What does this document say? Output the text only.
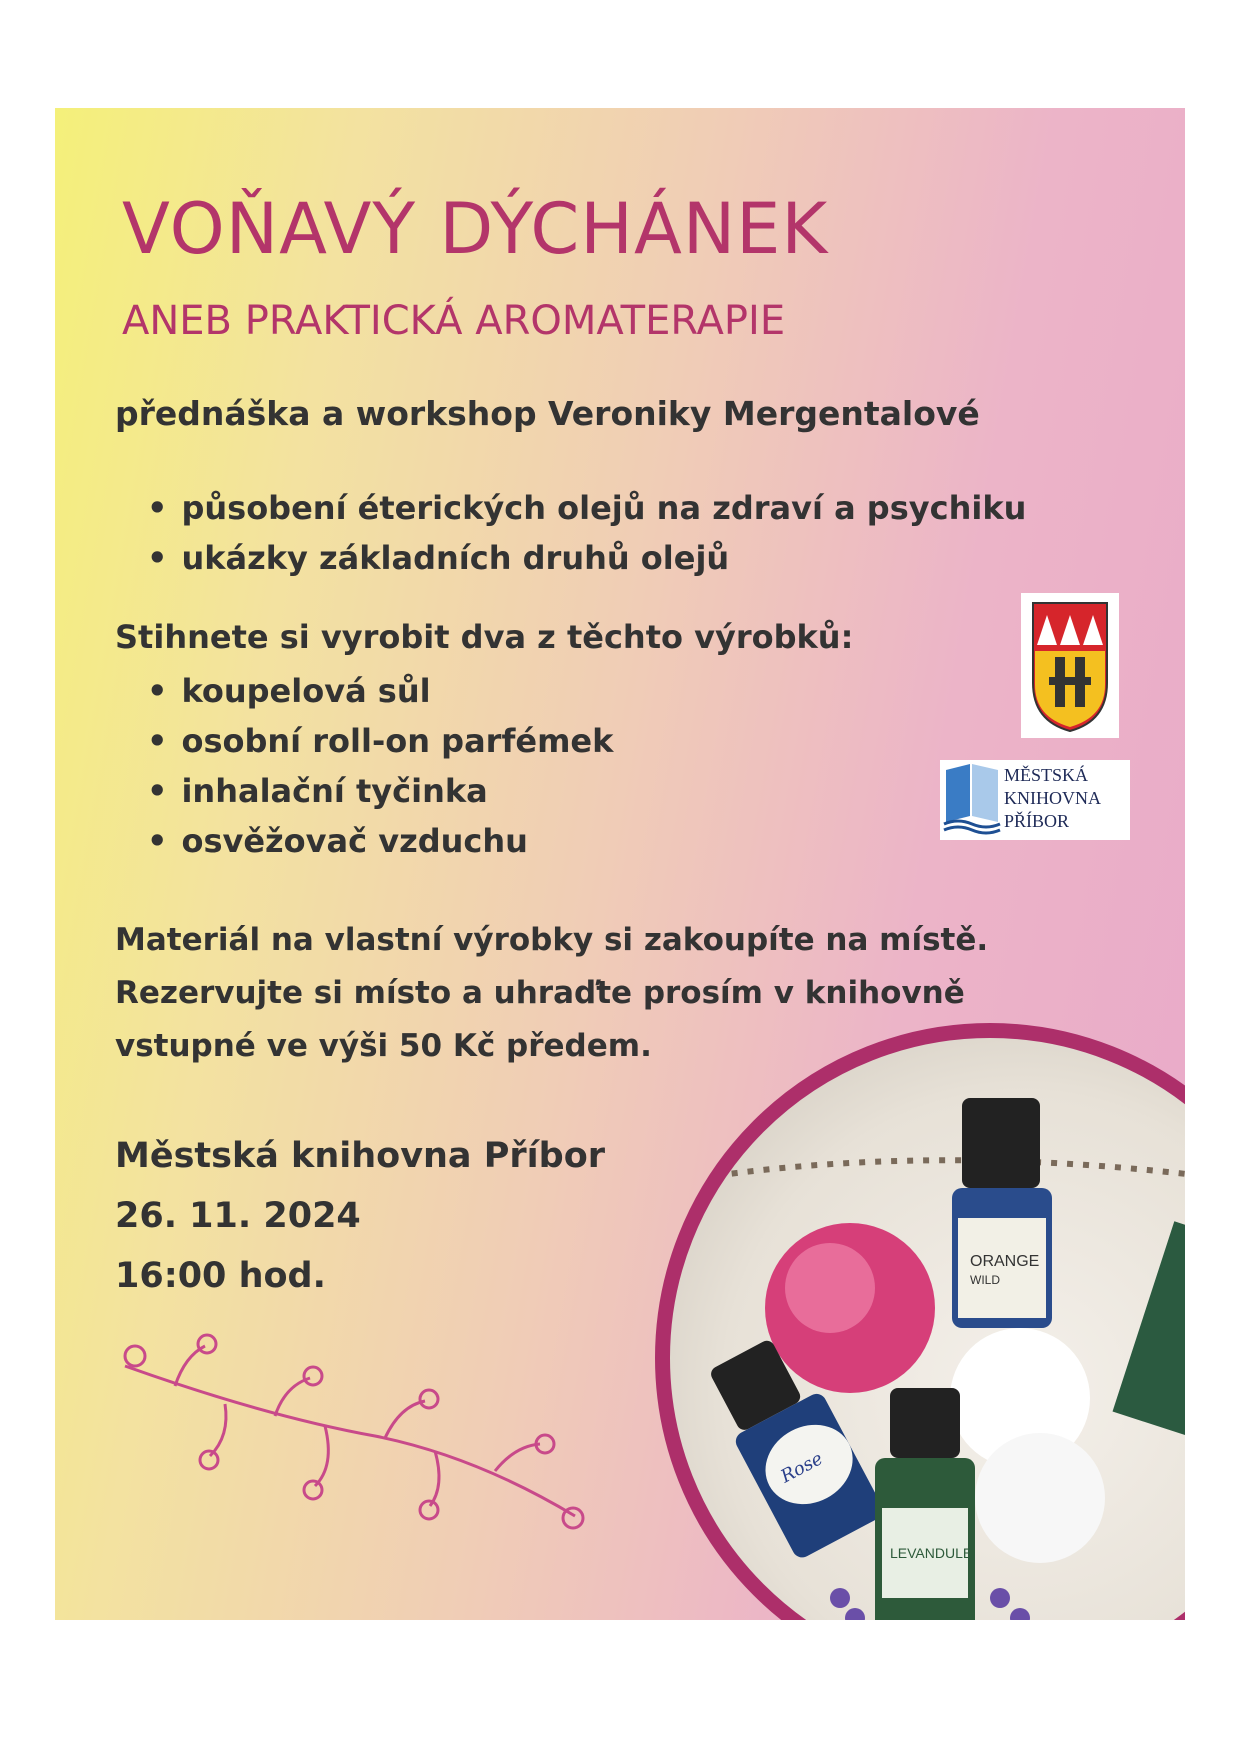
VOŇAVÝ DÝCHÁNEK
ANEB PRAKTICKÁ AROMATERAPIE
přednáška a workshop Veroniky Mergentalové
• působení éterických olejů na zdraví a psychiku
• ukázky základních druhů olejů
Stihnete si vyrobit dva z těchto výrobků:
• koupelová sůl
• osobní roll-on parfémek
• inhalační tyčinka
• osvěžovač vzduchu
Materiál na vlastní výrobky si zakoupíte na místě.
Rezervujte si místo a uhraďte prosím v knihovně
vstupné ve výši 50 Kč předem.
Městská knihovna Příbor
26. 11. 2024
16:00 hod.
MĚSTSKÁ
KNIHOVNA
PŘÍBOR
ORANGE
WILD
Rose
LEVANDULE
